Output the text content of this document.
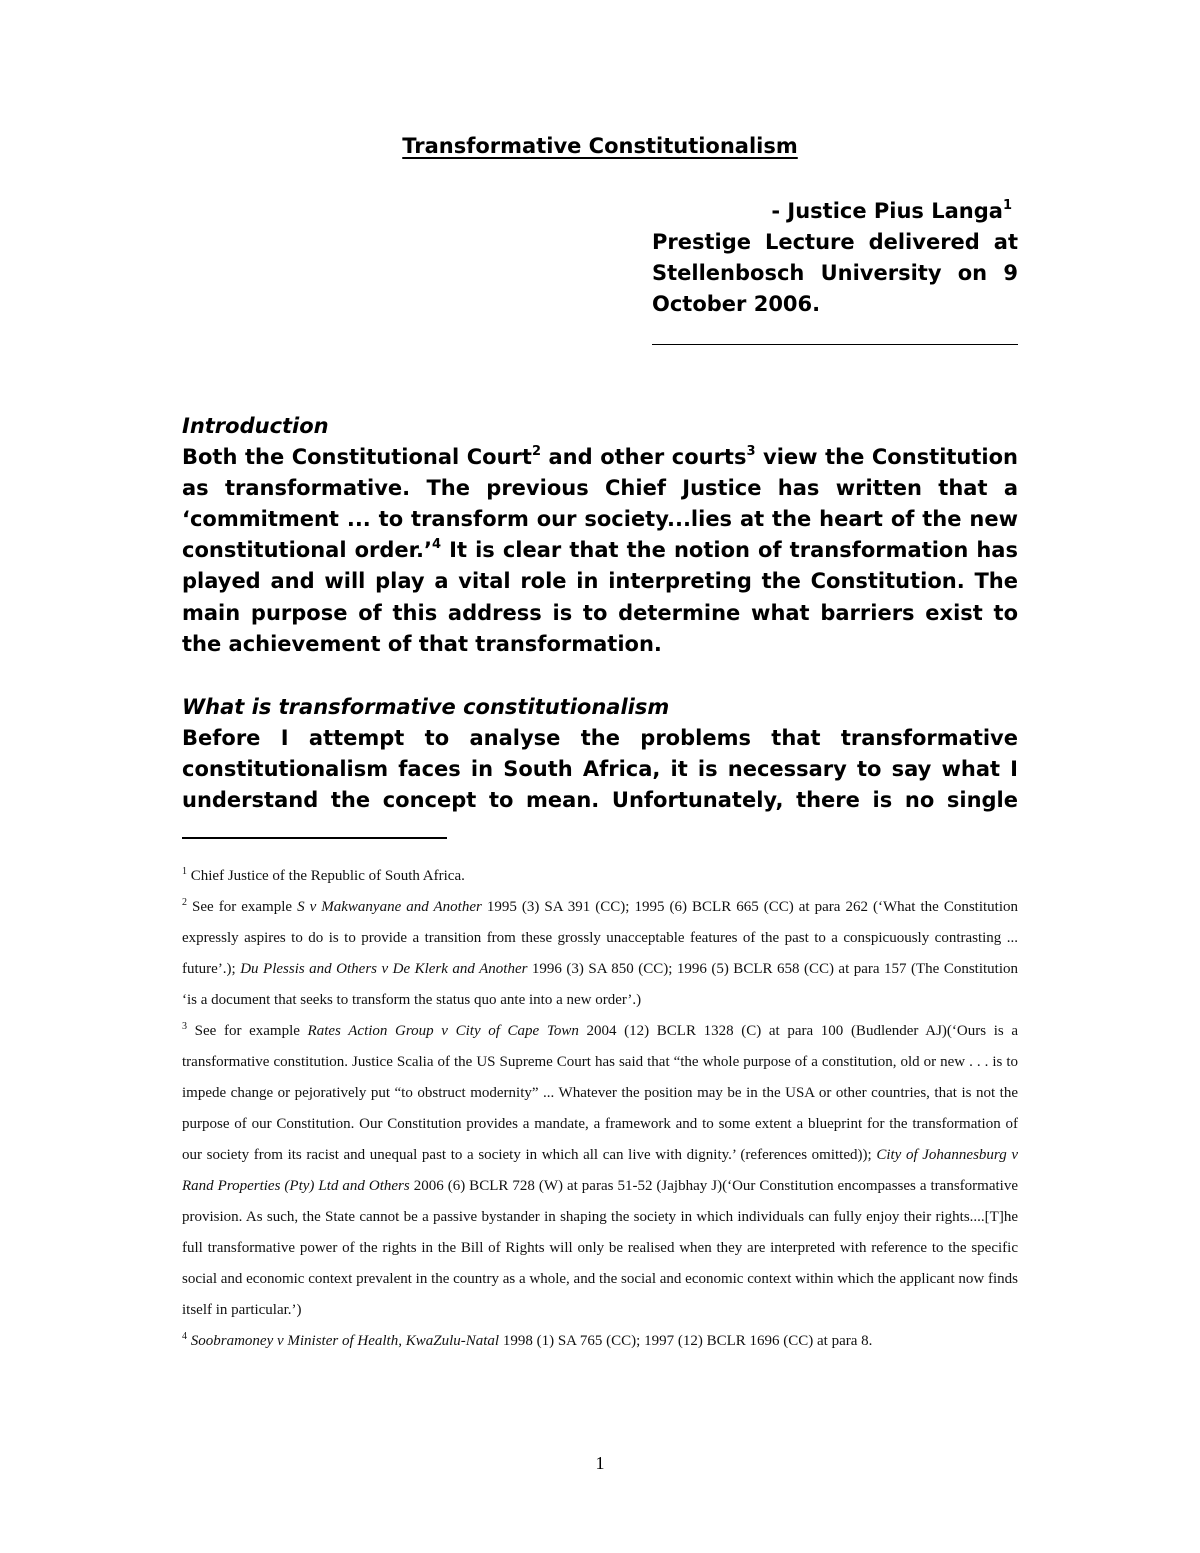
Transformative Constitutionalism
- Justice Pius Langa$^1$
Prestige Lecture delivered at Stellenbosch University on 9 October 2006.
Introduction
Both the Constitutional Court$^2$ and other courts$^3$ view the Constitution as transformative. The previous Chief Justice has written that a ‘commitment ... to transform our society...lies at the heart of the new constitutional order.’$^4$ It is clear that the notion of transformation has played and will play a vital role in interpreting the Constitution. The main purpose of this address is to determine what barriers exist to the achievement of that transformation.
What is transformative constitutionalism
Before I attempt to analyse the problems that transformative constitutionalism faces in South Africa, it is necessary to say what I understand the concept to mean. Unfortunately, there is no single

$^1$ Chief Justice of the Republic of South Africa.

$^2$ See for example S v Makwanyane and Another 1995 (3) SA 391 (CC); 1995 (6) BCLR 665 (CC) at para 262 (‘What the Constitution expressly aspires to do is to provide a transition from these grossly unacceptable features of the past to a conspicuously contrasting ... future’.); Du Plessis and Others v De Klerk and Another 1996 (3) SA 850 (CC); 1996 (5) BCLR 658 (CC) at para 157 (The Constitution ‘is a document that seeks to transform the status quo ante into a new order’.)

$^3$ See for example Rates Action Group v City of Cape Town 2004 (12) BCLR 1328 (C) at para 100 (Budlender AJ)(‘Ours is a transformative constitution. Justice Scalia of the US Supreme Court has said that “the whole purpose of a constitution, old or new . . . is to impede change or pejoratively put “to obstruct modernity” ... Whatever the position may be in the USA or other countries, that is not the purpose of our Constitution. Our Constitution provides a mandate, a framework and to some extent a blueprint for the transformation of our society from its racist and unequal past to a society in which all can live with dignity.’ (references omitted)); City of Johannesburg v Rand Properties (Pty) Ltd and Others 2006 (6) BCLR 728 (W) at paras 51-52 (Jajbhay J)(‘Our Constitution encompasses a transformative provision. As such, the State cannot be a passive bystander in shaping the society in which individuals can fully enjoy their rights....[T]he full transformative power of the rights in the Bill of Rights will only be realised when they are interpreted with reference to the specific social and economic context prevalent in the country as a whole, and the social and economic context within which the applicant now finds itself in particular.’)

$^4$ Soobramoney v Minister of Health, KwaZulu-Natal 1998 (1) SA 765 (CC); 1997 (12) BCLR 1696 (CC) at para 8.

1
